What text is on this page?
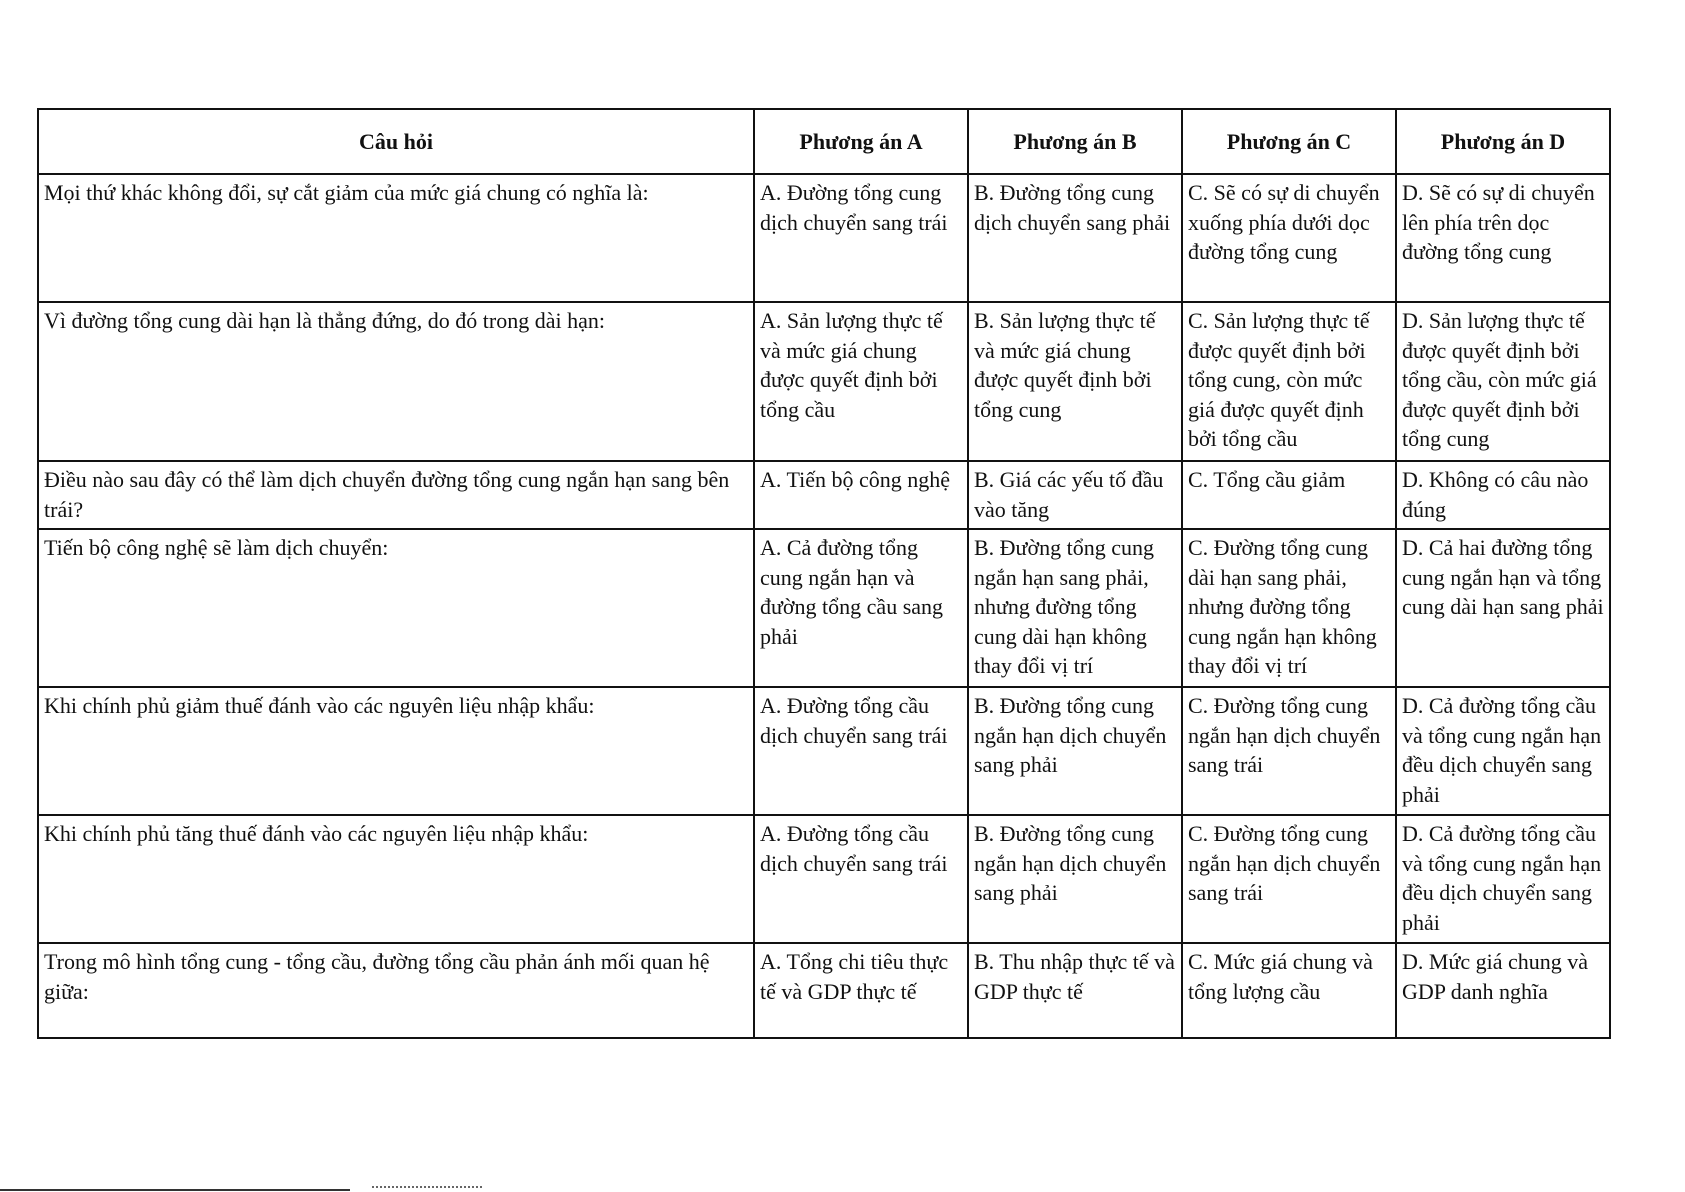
Câu hỏi	Phương án A	Phương án B	Phương án C	Phương án D
Mọi thứ khác không đổi, sự cắt giảm của mức giá chung có nghĩa là:	A. Đường tổng cung dịch chuyển sang trái	B. Đường tổng cung dịch chuyển sang phải	C. Sẽ có sự di chuyển xuống phía dưới dọc đường tổng cung	D. Sẽ có sự di chuyển lên phía trên dọc đường tổng cung
Vì đường tổng cung dài hạn là thẳng đứng, do đó trong dài hạn:	A. Sản lượng thực tế và mức giá chung được quyết định bởi tổng cầu	B. Sản lượng thực tế và mức giá chung được quyết định bởi tổng cung	C. Sản lượng thực tế được quyết định bởi tổng cung, còn mức giá được quyết định bởi tổng cầu	D. Sản lượng thực tế được quyết định bởi tổng cầu, còn mức giá được quyết định bởi tổng cung
Điều nào sau đây có thể làm dịch chuyển đường tổng cung ngắn hạn sang bên trái?	A. Tiến bộ công nghệ	B. Giá các yếu tố đầu vào tăng	C. Tổng cầu giảm	D. Không có câu nào đúng
Tiến bộ công nghệ sẽ làm dịch chuyển:	A. Cả đường tổng cung ngắn hạn và đường tổng cầu sang phải	B. Đường tổng cung ngắn hạn sang phải, nhưng đường tổng cung dài hạn không thay đổi vị trí	C. Đường tổng cung dài hạn sang phải, nhưng đường tổng cung ngắn hạn không thay đổi vị trí	D. Cả hai đường tổng cung ngắn hạn và tổng cung dài hạn sang phải
Khi chính phủ giảm thuế đánh vào các nguyên liệu nhập khẩu:	A. Đường tổng cầu dịch chuyển sang trái	B. Đường tổng cung ngắn hạn dịch chuyển sang phải	C. Đường tổng cung ngắn hạn dịch chuyển sang trái	D. Cả đường tổng cầu và tổng cung ngắn hạn đều dịch chuyển sang phải
Khi chính phủ tăng thuế đánh vào các nguyên liệu nhập khẩu:	A. Đường tổng cầu dịch chuyển sang trái	B. Đường tổng cung ngắn hạn dịch chuyển sang phải	C. Đường tổng cung ngắn hạn dịch chuyển sang trái	D. Cả đường tổng cầu và tổng cung ngắn hạn đều dịch chuyển sang phải
Trong mô hình tổng cung - tổng cầu, đường tổng cầu phản ánh mối quan hệ giữa:	A. Tổng chi tiêu thực tế và GDP thực tế	B. Thu nhập thực tế và GDP thực tế	C. Mức giá chung và tổng lượng cầu	D. Mức giá chung và GDP danh nghĩa
